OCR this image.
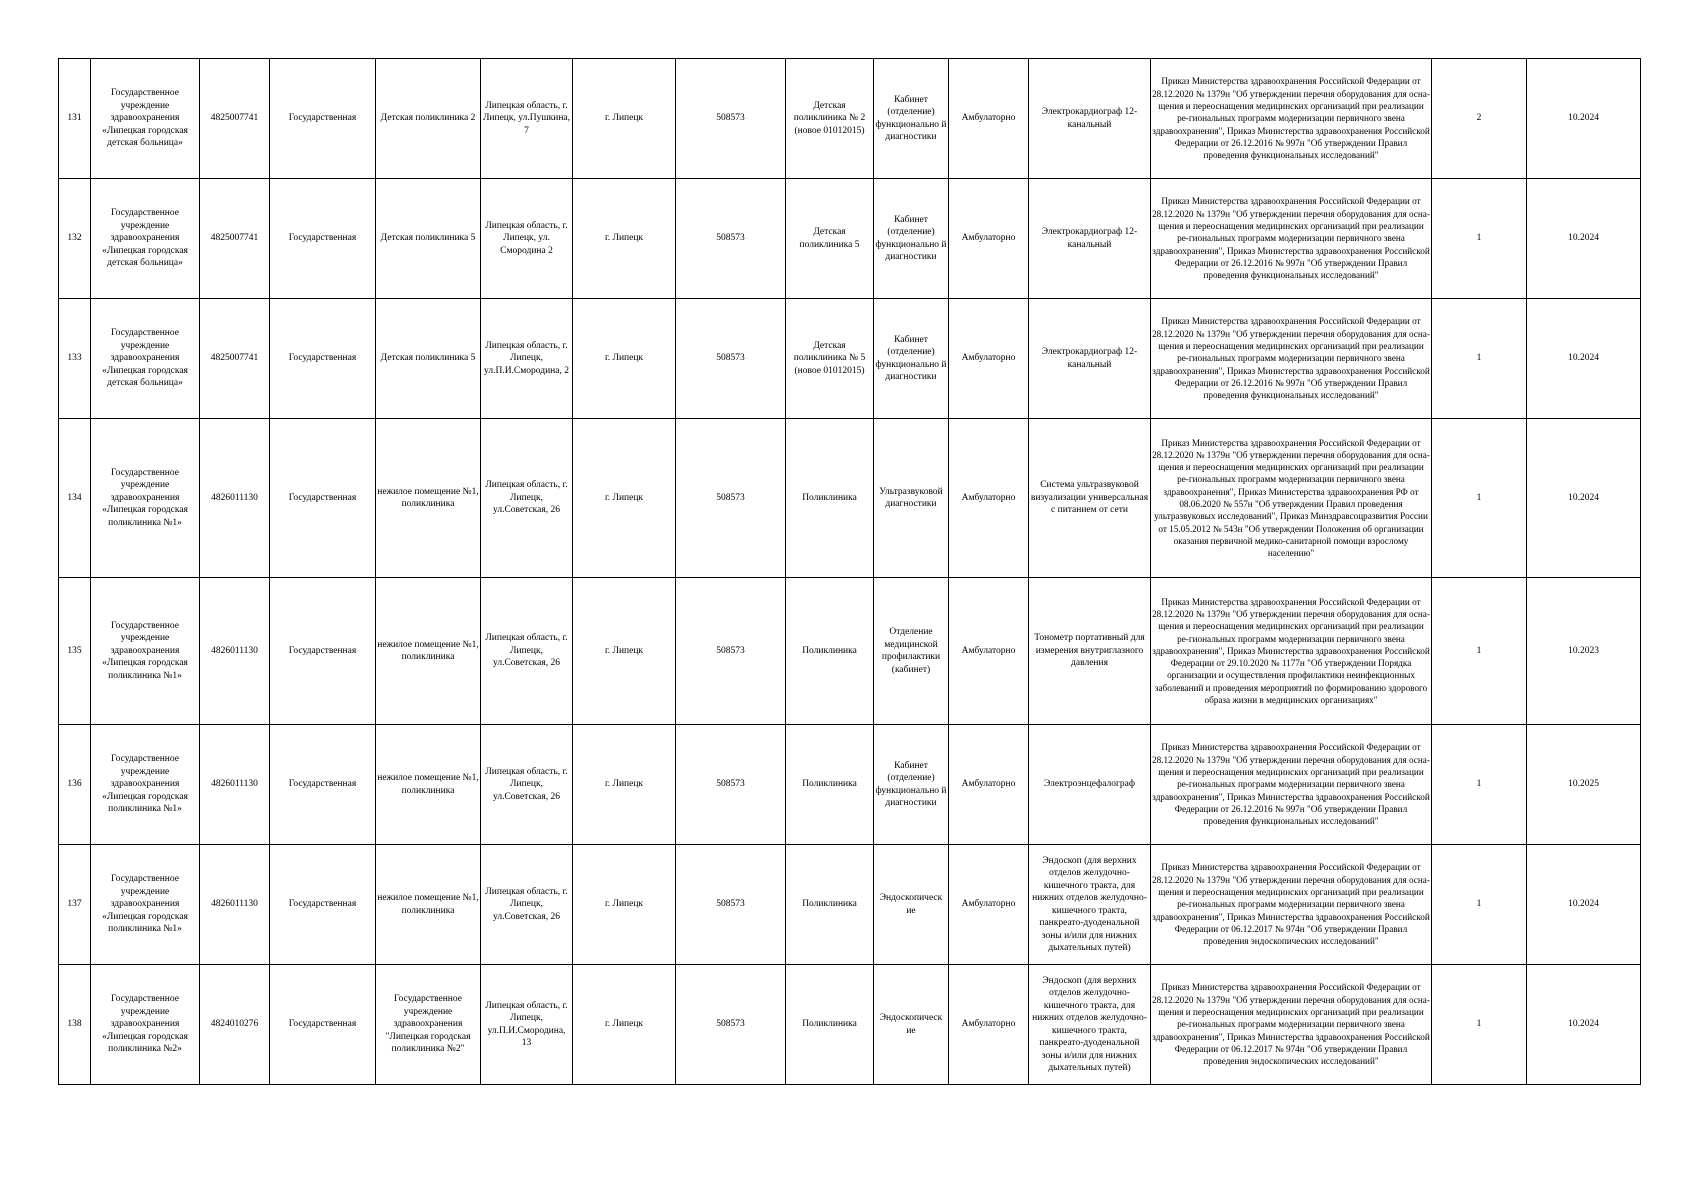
131	Государственное учреждение здравоохранения «Липецкая городская детская больница»	4825007741	Государственная	Детская поликлиника 2	Липецкая область, г. Липецк, ул.Пушкина, 7	г. Липецк	508573	Детская поликлиника № 2 (новое 01012015)	Кабинет (отделение) функционально й диагностики	Амбулаторно	Электрокардиограф 12-канальный	Приказ Министерства здравоохранения Российской Федерации от 28.12.2020 № 1379н "Об утверждении перечня оборудования для осна-щения и переоснащения медицинских организаций при реализации ре-гиональных программ модернизации первичного звена здравоохранения", Приказ Министерства здравоохранения Российской Федерации от 26.12.2016 № 997н "Об утверждении Правил проведения функциональных исследований"	2	10.2024
132	Государственное учреждение здравоохранения «Липецкая городская детская больница»	4825007741	Государственная	Детская поликлиника 5	Липецкая область, г. Липецк, ул. Смородина 2	г. Липецк	508573	Детская поликлиника 5	Кабинет (отделение) функционально й диагностики	Амбулаторно	Электрокардиограф 12-канальный	Приказ Министерства здравоохранения Российской Федерации от 28.12.2020 № 1379н "Об утверждении перечня оборудования для осна-щения и переоснащения медицинских организаций при реализации ре-гиональных программ модернизации первичного звена здравоохранения", Приказ Министерства здравоохранения Российской Федерации от 26.12.2016 № 997н "Об утверждении Правил проведения функциональных исследований"	1	10.2024
133	Государственное учреждение здравоохранения «Липецкая городская детская больница»	4825007741	Государственная	Детская поликлиника 5	Липецкая область, г. Липецк, ул.П.И.Смородина, 2	г. Липецк	508573	Детская поликлиника № 5 (новое 01012015)	Кабинет (отделение) функционально й диагностики	Амбулаторно	Электрокардиограф 12-канальный	Приказ Министерства здравоохранения Российской Федерации от 28.12.2020 № 1379н "Об утверждении перечня оборудования для осна-щения и переоснащения медицинских организаций при реализации ре-гиональных программ модернизации первичного звена здравоохранения", Приказ Министерства здравоохранения Российской Федерации от 26.12.2016 № 997н "Об утверждении Правил проведения функциональных исследований"	1	10.2024
134	Государственное учреждение здравоохранения «Липецкая городская поликлиника №1»	4826011130	Государственная	нежилое помещение №1, поликлиника	Липецкая область, г. Липецк, ул.Советская, 26	г. Липецк	508573	Поликлиника	Ультразвуковой диагностики	Амбулаторно	Система ультразвуковой визуализации универсальная с питанием от сети	Приказ Министерства здравоохранения Российской Федерации от 28.12.2020 № 1379н "Об утверждении перечня оборудования для осна-щения и переоснащения медицинских организаций при реализации ре-гиональных программ модернизации первичного звена здравоохранения", Приказ Министерства здравоохранения РФ от 08.06.2020 № 557н "Об утверждении Правил проведения ультразвуковых исследований", Приказ Минздравсоцразвития России от 15.05.2012 № 543н "Об утверждении Положения об организации оказания первичной медико-санитарной помощи взрослому населению"	1	10.2024
135	Государственное учреждение здравоохранения «Липецкая городская поликлиника №1»	4826011130	Государственная	нежилое помещение №1, поликлиника	Липецкая область, г. Липецк, ул.Советская, 26	г. Липецк	508573	Поликлиника	Отделение медицинской профилактики (кабинет)	Амбулаторно	Тонометр портативный для измерения внутриглазного давления	Приказ Министерства здравоохранения Российской Федерации от 28.12.2020 № 1379н "Об утверждении перечня оборудования для осна-щения и переоснащения медицинских организаций при реализации ре-гиональных программ модернизации первичного звена здравоохранения", Приказ Министерства здравоохранения Российской Федерации от 29.10.2020 № 1177н "Об утверждении Порядка организации и осуществления профилактики неинфекционных заболеваний и проведения мероприятий по формированию здорового образа жизни в медицинских организациях"	1	10.2023
136	Государственное учреждение здравоохранения «Липецкая городская поликлиника №1»	4826011130	Государственная	нежилое помещение №1, поликлиника	Липецкая область, г. Липецк, ул.Советская, 26	г. Липецк	508573	Поликлиника	Кабинет (отделение) функционально й диагностики	Амбулаторно	Электроэнцефалограф	Приказ Министерства здравоохранения Российской Федерации от 28.12.2020 № 1379н "Об утверждении перечня оборудования для осна-щения и переоснащения медицинских организаций при реализации ре-гиональных программ модернизации первичного звена здравоохранения", Приказ Министерства здравоохранения Российской Федерации от 26.12.2016 № 997н "Об утверждении Правил проведения функциональных исследований"	1	10.2025
137	Государственное учреждение здравоохранения «Липецкая городская поликлиника №1»	4826011130	Государственная	нежилое помещение №1, поликлиника	Липецкая область, г. Липецк, ул.Советская, 26	г. Липецк	508573	Поликлиника	Эндоскопическ ие	Амбулаторно	Эндоскоп (для верхних отделов желудочно-кишечного тракта, для нижних отделов желудочно-кишечного тракта, панкреато-дуоденальной зоны и/или для нижних дыхательных путей)	Приказ Министерства здравоохранения Российской Федерации от 28.12.2020 № 1379н "Об утверждении перечня оборудования для осна-щения и переоснащения медицинских организаций при реализации ре-гиональных программ модернизации первичного звена здравоохранения", Приказ Министерства здравоохранения Российской Федерации от 06.12.2017 № 974н "Об утверждении Правил проведения эндоскопических исследований"	1	10.2024
138	Государственное учреждение здравоохранения «Липецкая городская поликлиника №2»	4824010276	Государственная	Государственное учреждение здравоохранения "Липецкая городская поликлиника №2"	Липецкая область, г. Липецк, ул.П.И.Смородина, 13	г. Липецк	508573	Поликлиника	Эндоскопическ ие	Амбулаторно	Эндоскоп (для верхних отделов желудочно-кишечного тракта, для нижних отделов желудочно-кишечного тракта, панкреато-дуоденальной зоны и/или для нижних дыхательных путей)	Приказ Министерства здравоохранения Российской Федерации от 28.12.2020 № 1379н "Об утверждении перечня оборудования для осна-щения и переоснащения медицинских организаций при реализации ре-гиональных программ модернизации первичного звена здравоохранения", Приказ Министерства здравоохранения Российской Федерации от 06.12.2017 № 974н "Об утверждении Правил проведения эндоскопических исследований"	1	10.2024
